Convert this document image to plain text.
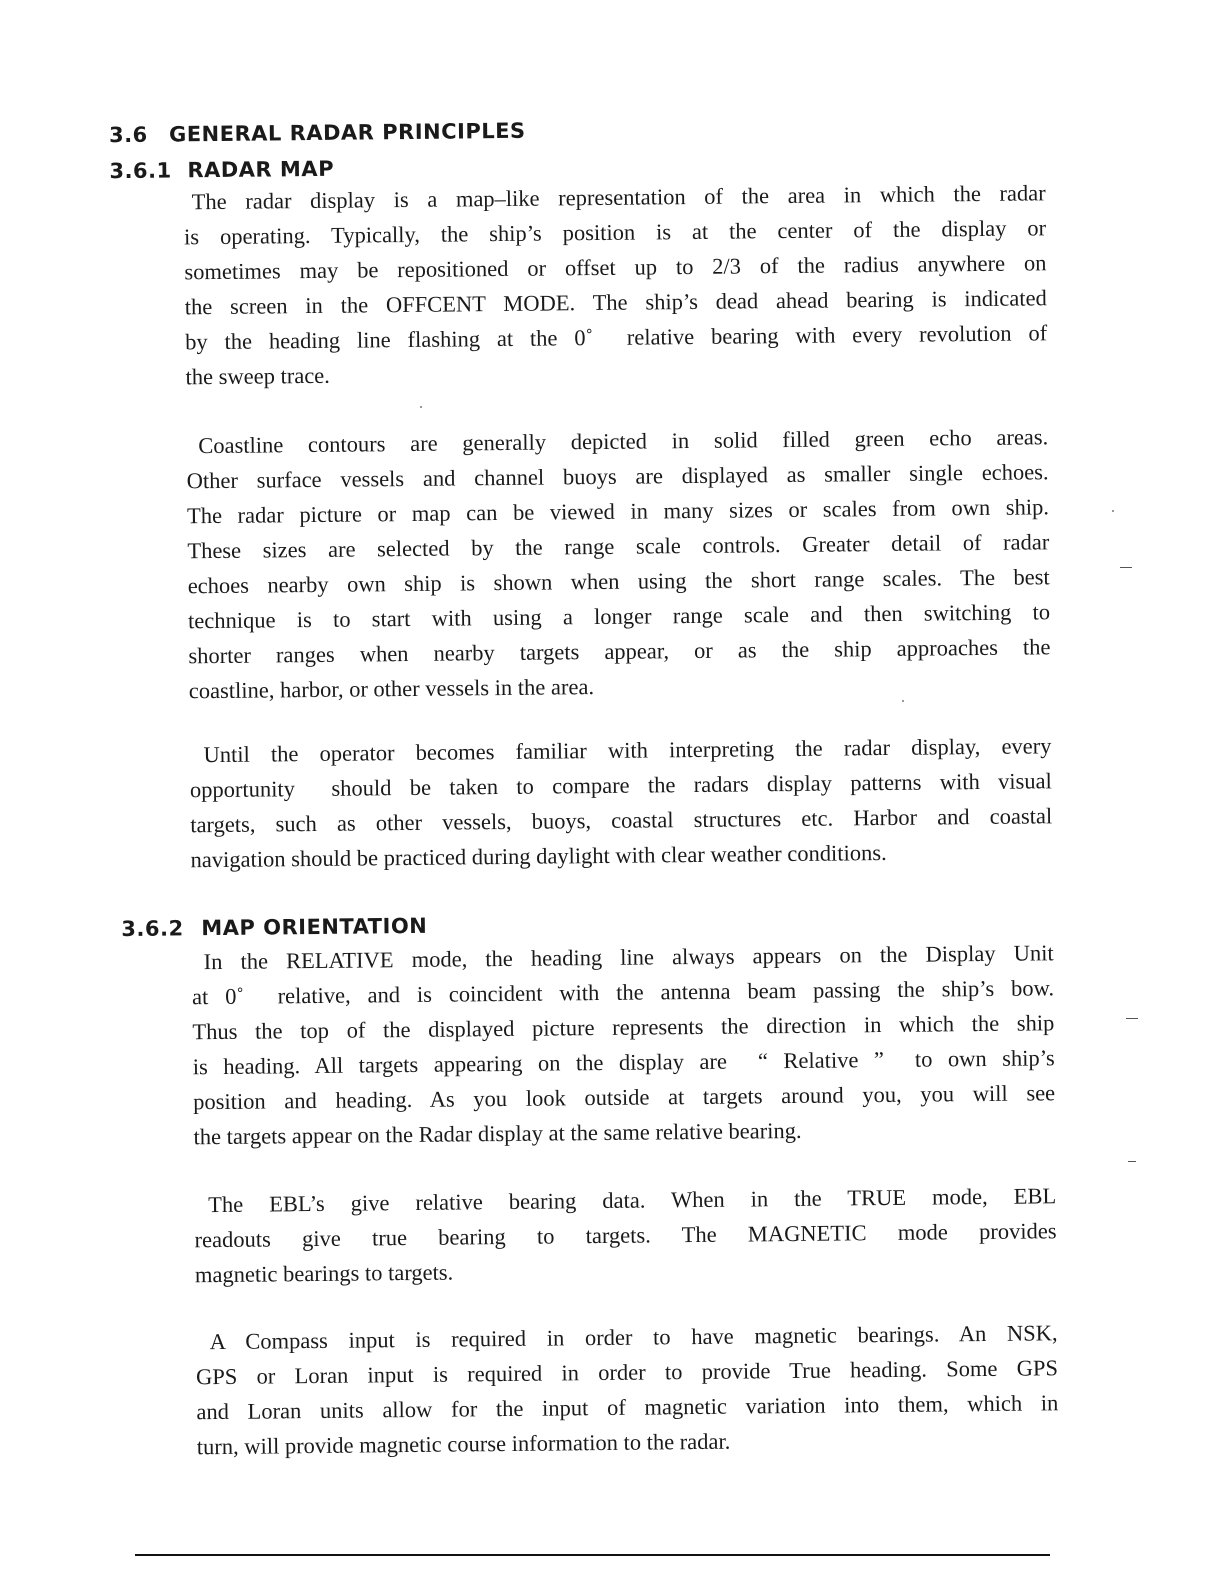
3.6 GENERAL RADAR PRINCIPLES
3.6.1 RADAR MAP
The radar display is a map–like representation of the area in which the radar
is operating. Typically, the ship’s position is at the center of the display or
sometimes may be repositioned or offset up to 2/3 of the radius anywhere on
the screen in the OFFCENT MODE. The ship’s dead ahead bearing is indicated
by the heading line flashing at the 0˚  relative bearing with every revolution of
the sweep trace.
Coastline contours are generally depicted in solid filled green echo areas.
Other surface vessels and channel buoys are displayed as smaller single echoes.
The radar picture or map can be viewed in many sizes or scales from own ship.
These sizes are selected by the range scale controls. Greater detail of radar
echoes nearby own ship is shown when using the short range scales. The best
technique is to start with using a longer range scale and then switching to
shorter ranges when nearby targets appear, or as the ship approaches the
coastline, harbor, or other vessels in the area.
Until the operator becomes familiar with interpreting the radar display, every
opportunity  should be taken to compare the radars display patterns with visual
targets, such as other vessels, buoys, coastal structures etc. Harbor and coastal
navigation should be practiced during daylight with clear weather conditions.
3.6.2 MAP ORIENTATION
In the RELATIVE mode, the heading line always appears on the Display Unit
at 0˚  relative, and is coincident with the antenna beam passing the ship’s bow.
Thus the top of the displayed picture represents the direction in which the ship
is heading. All targets appearing on the display are  “ Relative ”  to own ship’s
position and heading. As you look outside at targets around you, you will see
the targets appear on the Radar display at the same relative bearing.
The EBL’s give relative bearing data. When in the TRUE mode, EBL
readouts give true bearing to targets. The MAGNETIC mode provides
magnetic bearings to targets.
A Compass input is required in order to have magnetic bearings. An NSK,
GPS or Loran input is required in order to provide True heading. Some GPS
and Loran units allow for the input of magnetic variation into them, which in
turn, will provide magnetic course information to the radar.
